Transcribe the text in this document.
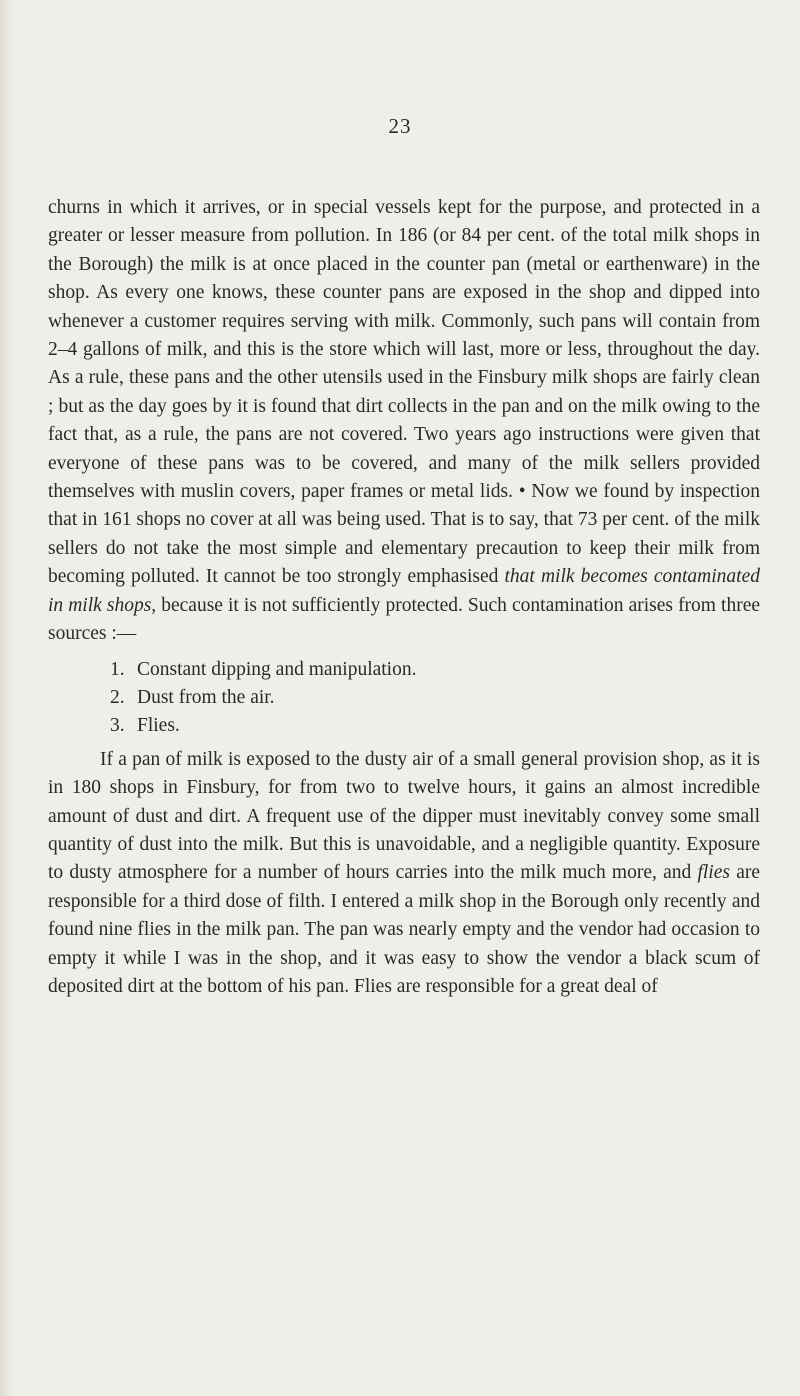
23

churns in which it arrives, or in special vessels kept for the purpose, and protected in a greater or lesser measure from pollution. In 186 (or 84 per cent. of the total milk shops in the Borough) the milk is at once placed in the counter pan (metal or earthenware) in the shop. As every one knows, these counter pans are exposed in the shop and dipped into whenever a customer requires serving with milk. Commonly, such pans will contain from 2–4 gallons of milk, and this is the store which will last, more or less, throughout the day. As a rule, these pans and the other utensils used in the Finsbury milk shops are fairly clean ; but as the day goes by it is found that dirt collects in the pan and on the milk owing to the fact that, as a rule, the pans are not covered. Two years ago instructions were given that everyone of these pans was to be covered, and many of the milk sellers provided themselves with muslin covers, paper frames or metal lids. • Now we found by inspection that in 161 shops no cover at all was being used. That is to say, that 73 per cent. of the milk sellers do not take the most simple and elementary precaution to keep their milk from becoming polluted. It cannot be too strongly emphasised that milk becomes contaminated in milk shops, because it is not sufficiently protected. Such contamination arises from three sources :—

1. Constant dipping and manipulation.
2. Dust from the air.
3. Flies.

If a pan of milk is exposed to the dusty air of a small general provision shop, as it is in 180 shops in Finsbury, for from two to twelve hours, it gains an almost incredible amount of dust and dirt. A frequent use of the dipper must inevitably convey some small quantity of dust into the milk. But this is unavoidable, and a negligible quantity. Exposure to dusty atmosphere for a number of hours carries into the milk much more, and flies are responsible for a third dose of filth. I entered a milk shop in the Borough only recently and found nine flies in the milk pan. The pan was nearly empty and the vendor had occasion to empty it while I was in the shop, and it was easy to show the vendor a black scum of deposited dirt at the bottom of his pan. Flies are responsible for a great deal of
